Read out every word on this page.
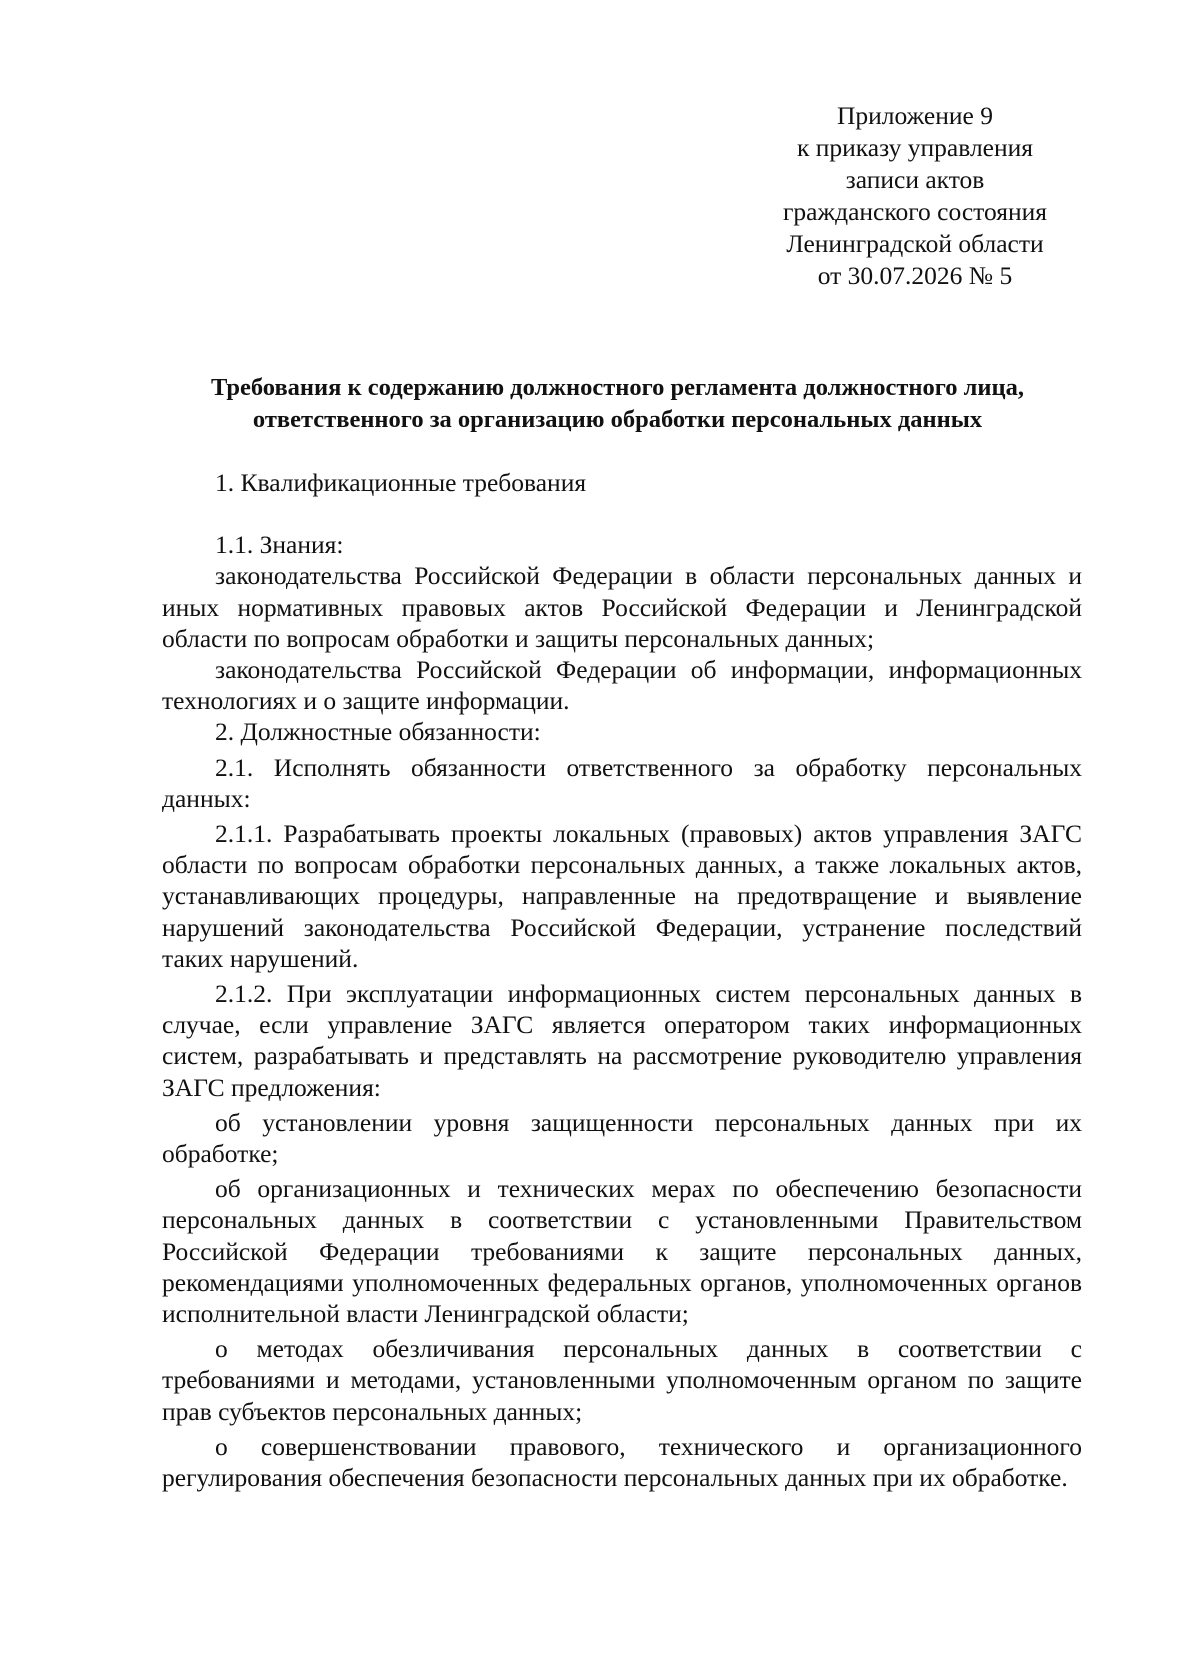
Приложение 9
к приказу управления
записи актов
гражданского состояния
Ленинградской области
от 30.07.2026 № 5
Требования к содержанию должностного регламента должностного лица,
ответственного за организацию обработки персональных данных

1. Квалификационные требования

1.1. Знания:

законодательства Российской Федерации в области персональных данных и иных нормативных правовых актов Российской Федерации и Ленинградской области по вопросам обработки и защиты персональных данных;

законодательства Российской Федерации об информации, информационных технологиях и о защите информации.

2. Должностные обязанности:

2.1. Исполнять обязанности ответственного за обработку персональных данных:

2.1.1. Разрабатывать проекты локальных (правовых) актов управления ЗАГС области по вопросам обработки персональных данных, а также локальных актов, устанавливающих процедуры, направленные на предотвращение и выявление нарушений законодательства Российской Федерации, устранение последствий таких нарушений.

2.1.2. При эксплуатации информационных систем персональных данных в случае, если управление ЗАГС является оператором таких информационных систем, разрабатывать и представлять на рассмотрение руководителю управления ЗАГС предложения:

об установлении уровня защищенности персональных данных при их обработке;

об организационных и технических мерах по обеспечению безопасности персональных данных в соответствии с установленными Правительством Российской Федерации требованиями к защите персональных данных, рекомендациями уполномоченных федеральных органов, уполномоченных органов исполнительной власти Ленинградской области;

о методах обезличивания персональных данных в соответствии с требованиями и методами, установленными уполномоченным органом по защите прав субъектов персональных данных;

о совершенствовании правового, технического и организационного регулирования обеспечения безопасности персональных данных при их обработке.
